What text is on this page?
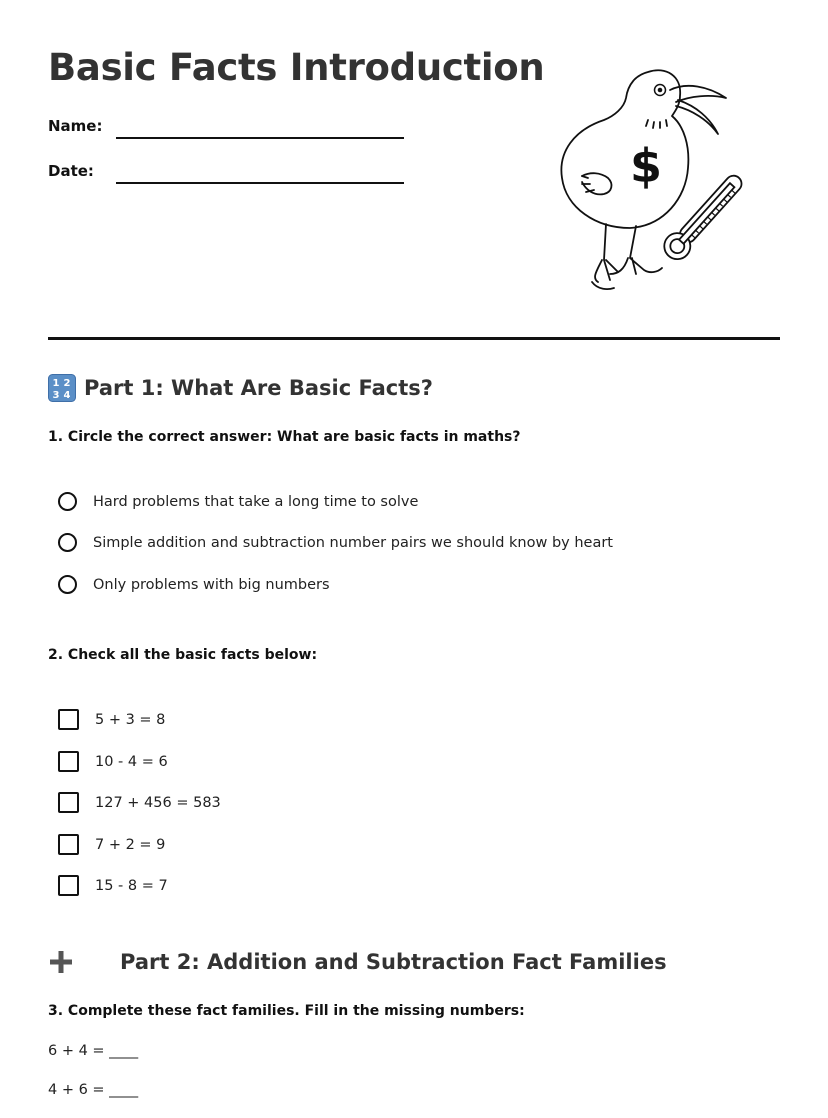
Basic Facts Introduction
Name:
Date:	$
1 2
3 4 Part 1: What Are Basic Facts?

1. Circle the correct answer: What are basic facts in maths?

Hard problems that take a long time to solve
Simple addition and subtraction number pairs we should know by heart
Only problems with big numbers

2. Check all the basic facts below:

5 + 3 = 8
10 - 4 = 6
127 + 456 = 583
7 + 2 = 9
15 - 8 = 7
Part 2: Addition and Subtraction Fact Families

3. Complete these fact families. Fill in the missing numbers:

6 + 4 = ____
4 + 6 = ____
